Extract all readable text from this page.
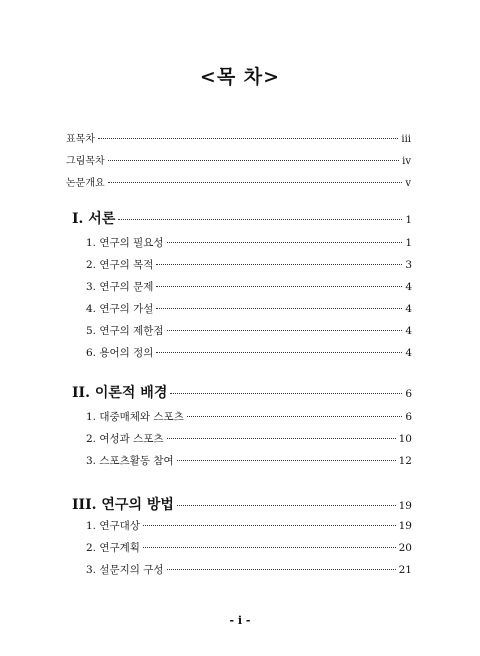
<목 차>
표목차	iii
그림목차	iv
논문개요	v
I. 서론	1
1. 연구의 필요성	1
2. 연구의 목적	3
3. 연구의 문제	4
4. 연구의 가설	4
5. 연구의 제한점	4
6. 용어의 정의	4
II. 이론적 배경	6
1. 대중매체와 스포츠	6
2. 여성과 스포츠	10
3. 스포츠활동 참여	12
III. 연구의 방법	19
1. 연구대상	19
2. 연구계획	20
3. 설문지의 구성	21
- i -
